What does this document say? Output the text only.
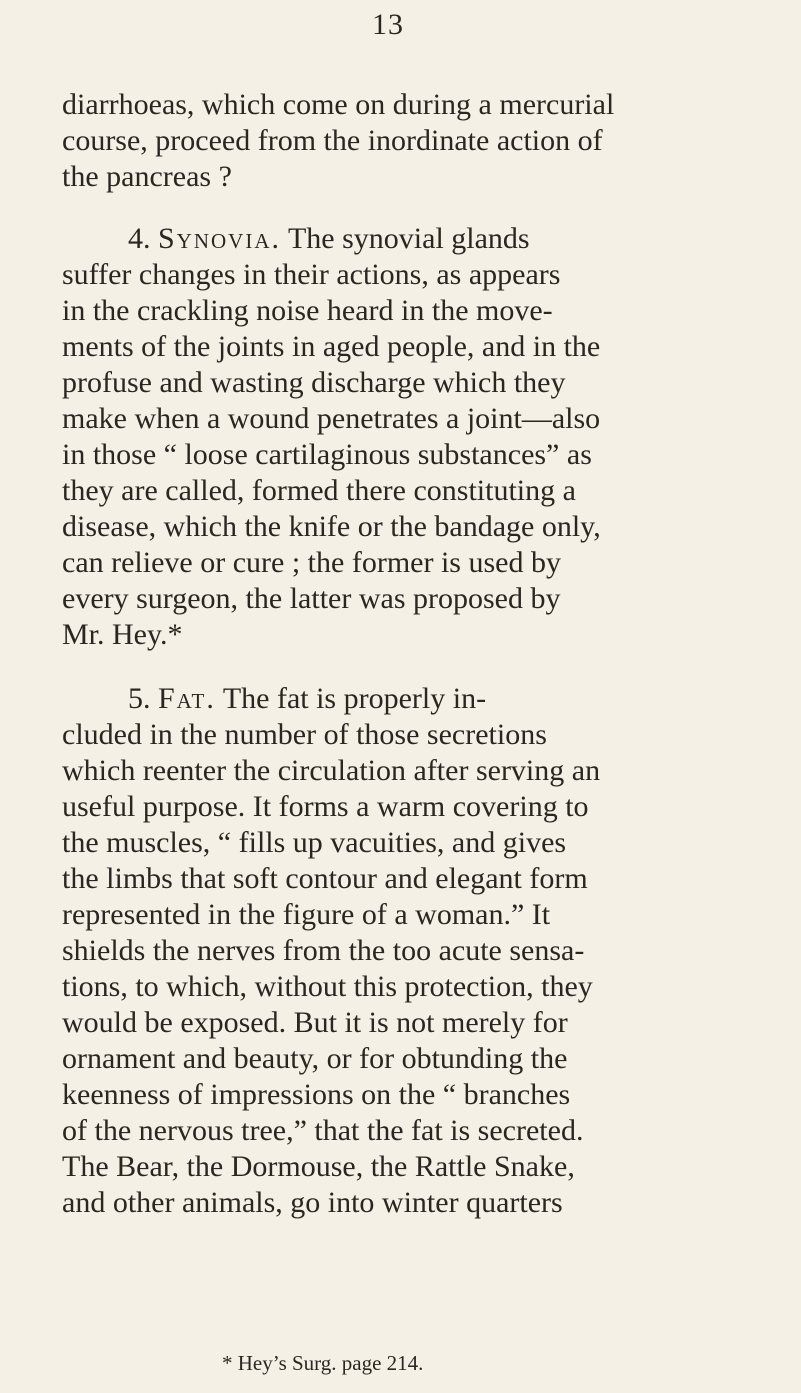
13
diarrhoeas, which come on during a mercurial
course, proceed from the inordinate action of
the pancreas ?
4. Synovia. The synovial glands
suffer changes in their actions, as appears
in the crackling noise heard in the move-
ments of the joints in aged people, and in the
profuse and wasting discharge which they
make when a wound penetrates a joint—also
in those “ loose cartilaginous substances” as
they are called, formed there constituting a
disease, which the knife or the bandage only,
can relieve or cure ; the former is used by
every surgeon, the latter was proposed by
Mr. Hey.*
5. Fat. The fat is properly in-
cluded in the number of those secretions
which reenter the circulation after serving an
useful purpose. It forms a warm covering to
the muscles, “ fills up vacuities, and gives
the limbs that soft contour and elegant form
represented in the figure of a woman.” It
shields the nerves from the too acute sensa-
tions, to which, without this protection, they
would be exposed. But it is not merely for
ornament and beauty, or for obtunding the
keenness of impressions on the “ branches
of the nervous tree,” that the fat is secreted.
The Bear, the Dormouse, the Rattle Snake,
and other animals, go into winter quarters
* Hey’s Surg. page 214.
